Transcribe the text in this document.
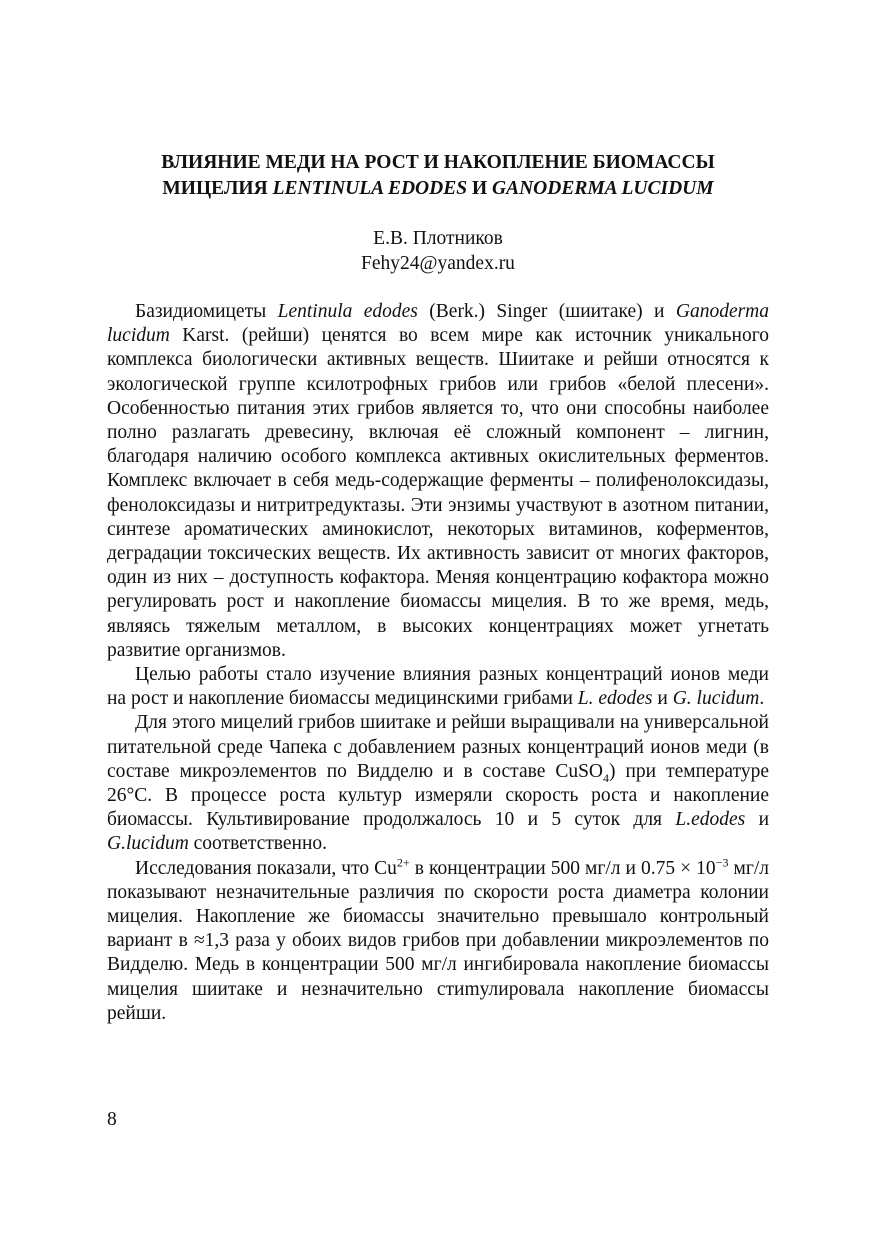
ВЛИЯНИЕ МЕДИ НА РОСТ И НАКОПЛЕНИЕ БИОМАССЫ
МИЦЕЛИЯ LENTINULA EDODES И GANODERMA LUCIDUM
Е.В. Плотников
Fehy24@yandex.ru

Базидиомицеты Lentinula edodes (Berk.) Singer (шиитаке) и Ganoderma lucidum Karst. (рейши) ценятся во всем мире как источник уникального комплекса биологически активных веществ. Шиитаке и рейши относятся к экологической группе ксилотрофных грибов или грибов «белой плесени». Особенностью питания этих грибов является то, что они способны наиболее полно разлагать древесину, включая её сложный компонент – лигнин, благодаря наличию особого комплекса активных окислительных ферментов. Комплекс включает в себя медь-содержащие ферменты – полифенолоксидазы, фенолоксидазы и нитритредуктазы. Эти энзимы участвуют в азотном питании, синтезе ароматических аминокислот, некоторых витаминов, коферментов, деградации токсических веществ. Их активность зависит от многих факторов, один из них – доступность кофактора. Меняя концентрацию кофактора можно регулировать рост и накопление биомассы мицелия. В то же время, медь, являясь тяжелым металлом, в высоких концентрациях может угнетать развитие организмов.

Целью работы стало изучение влияния разных концентраций ионов меди на рост и накопление биомассы медицинскими грибами L. edodes и G. lucidum.

Для этого мицелий грибов шиитаке и рейши выращивали на универсальной питательной среде Чапека с добавлением разных концентраций ионов меди (в составе микроэлементов по Видделю и в составе CuSO$_4$) при температуре 26°С. В процессе роста культур измеряли скорость роста и накопление биомассы. Культивирование продолжалось 10 и 5 суток для L.edodes и G.lucidum соответственно.

Исследования показали, что $Cu^{2+}$ в концентрации 500 мг/л и $0.75 \times 10^{-3}$ мг/л показывают незначительные различия по скорости роста диаметра колонии мицелия. Накопление же биомассы значительно превышало контрольный вариант в ≈1,3 раза у обоих видов грибов при добавлении микроэлементов по Видделю. Медь в концентрации 500 мг/л ингибировала накопление биомассы мицелия шиитаке и незначительно стиmулировала накопление биомассы рейши.

8
